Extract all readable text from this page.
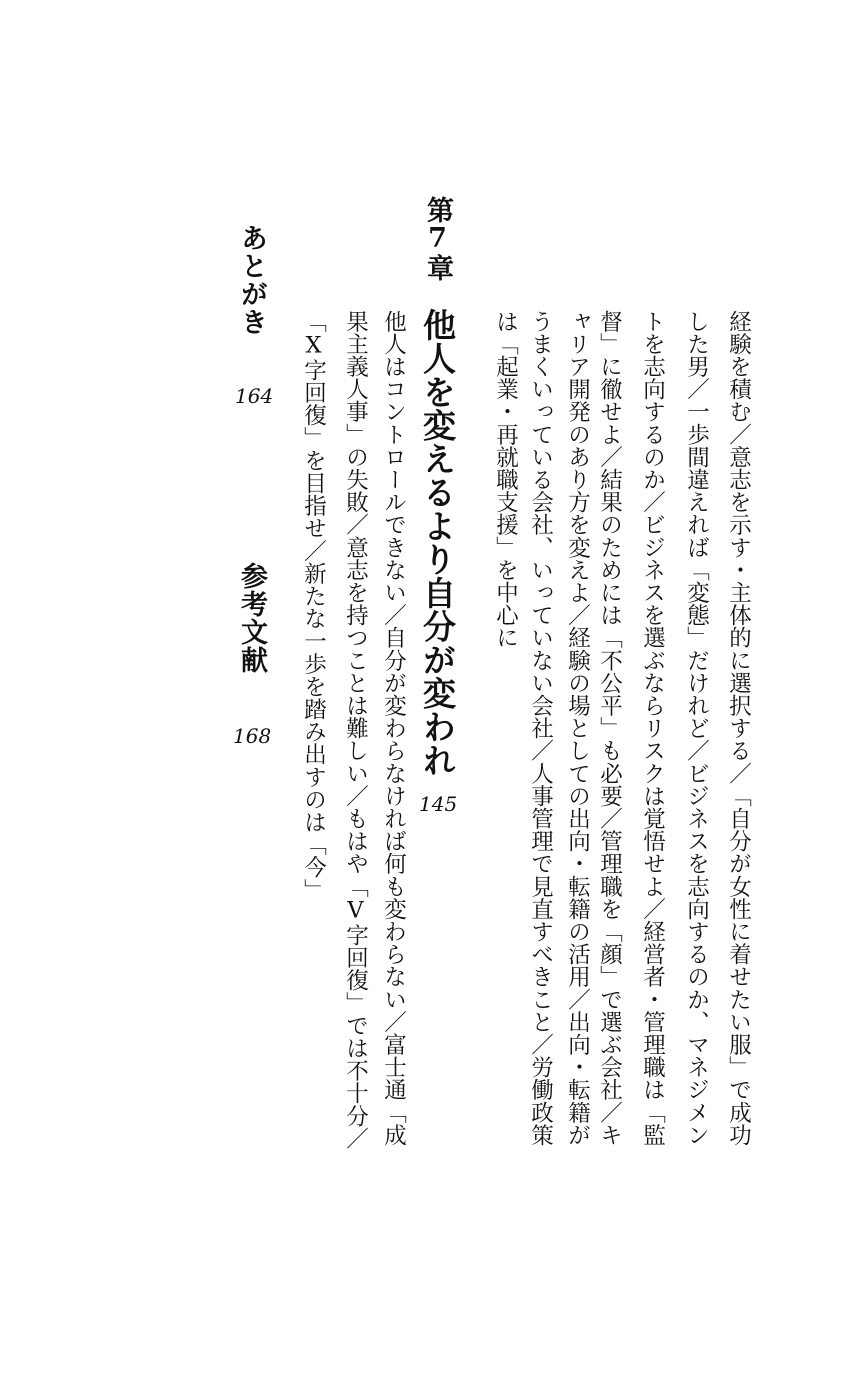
経験を積む／意志を示す・主体的に選択する／「自分が女性に着せたい服」で成功
した男／一歩間違えれば「変態」だけれど／ビジネスを志向するのか、マネジメン
トを志向するのか／ビジネスを選ぶならリスクは覚悟せよ／経営者・管理職は「監
督」に徹せよ／結果のためには「不公平」も必要／管理職を「顔」で選ぶ会社／キ
ャリア開発のあり方を変えよ／経験の場としての出向・転籍の活用／出向・転籍が
うまくいっている会社、いっていない会社／人事管理で見直すべきこと／労働政策
は「起業・再就職支援」を中心に
第7章
他人を変えるより自分が変われ
145
他人はコントロールできない／自分が変わらなければ何も変わらない／富士通「成
果主義人事」の失敗／意志を持つことは難しい／もはや「V字回復」では不十分／
「X字回復」を目指せ／新たな一歩を踏み出すのは「今」
あとがき
164
参考文献
168
